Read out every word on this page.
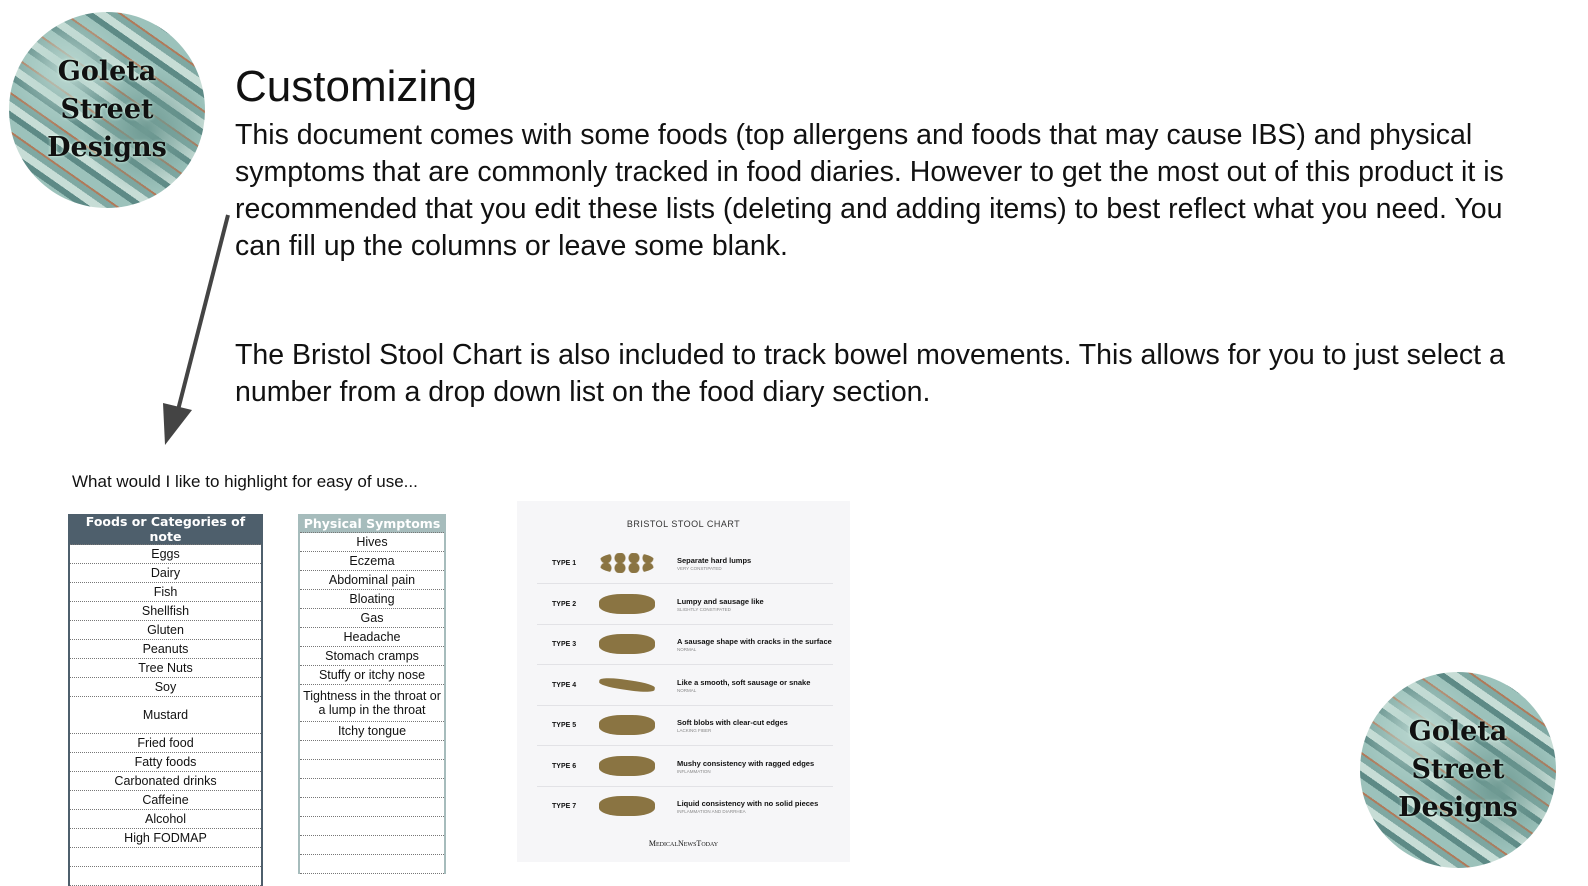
Goleta Street
Designs
Goleta Street
Designs
Customizing
This document comes with some foods (top allergens and foods that may cause IBS) and physical symptoms that are commonly tracked in food diaries. However to get the most out of this product it is recommended that you edit these lists (deleting and adding items) to best reflect what you need. You can fill up the columns or leave some blank.
The Bristol Stool Chart is also included to track bowel movements. This allows for you to just select a number from a drop down list on the food diary section.
What would I like to highlight for easy of use...
Foods or Categories of note
Eggs
Dairy
Fish
Shellfish
Gluten
Peanuts
Tree Nuts
Soy
Mustard
Fried food
Fatty foods
Carbonated drinks
Caffeine
Alcohol
High FODMAP

Physical Symptoms
Hives
Eczema
Abdominal pain
Bloating
Gas
Headache
Stomach cramps
Stuffy or itchy nose
Tightness in the throat or a lump in the throat
Itchy tongue

BRISTOL STOOL CHART
TYPE 1	Separate hard lumps
VERY CONSTIPATED
TYPE 2	Lumpy and sausage like
SLIGHTLY CONSTIPATED
TYPE 3	A sausage shape with cracks in the surface
NORMAL
TYPE 4	Like a smooth, soft sausage or snake
NORMAL
TYPE 5	Soft blobs with clear-cut edges
LACKING FIBER
TYPE 6	Mushy consistency with ragged edges
INFLAMMATION
TYPE 7	Liquid consistency with no solid pieces
INFLAMMATION AND DIARRHEA
MedicalNewsToday
